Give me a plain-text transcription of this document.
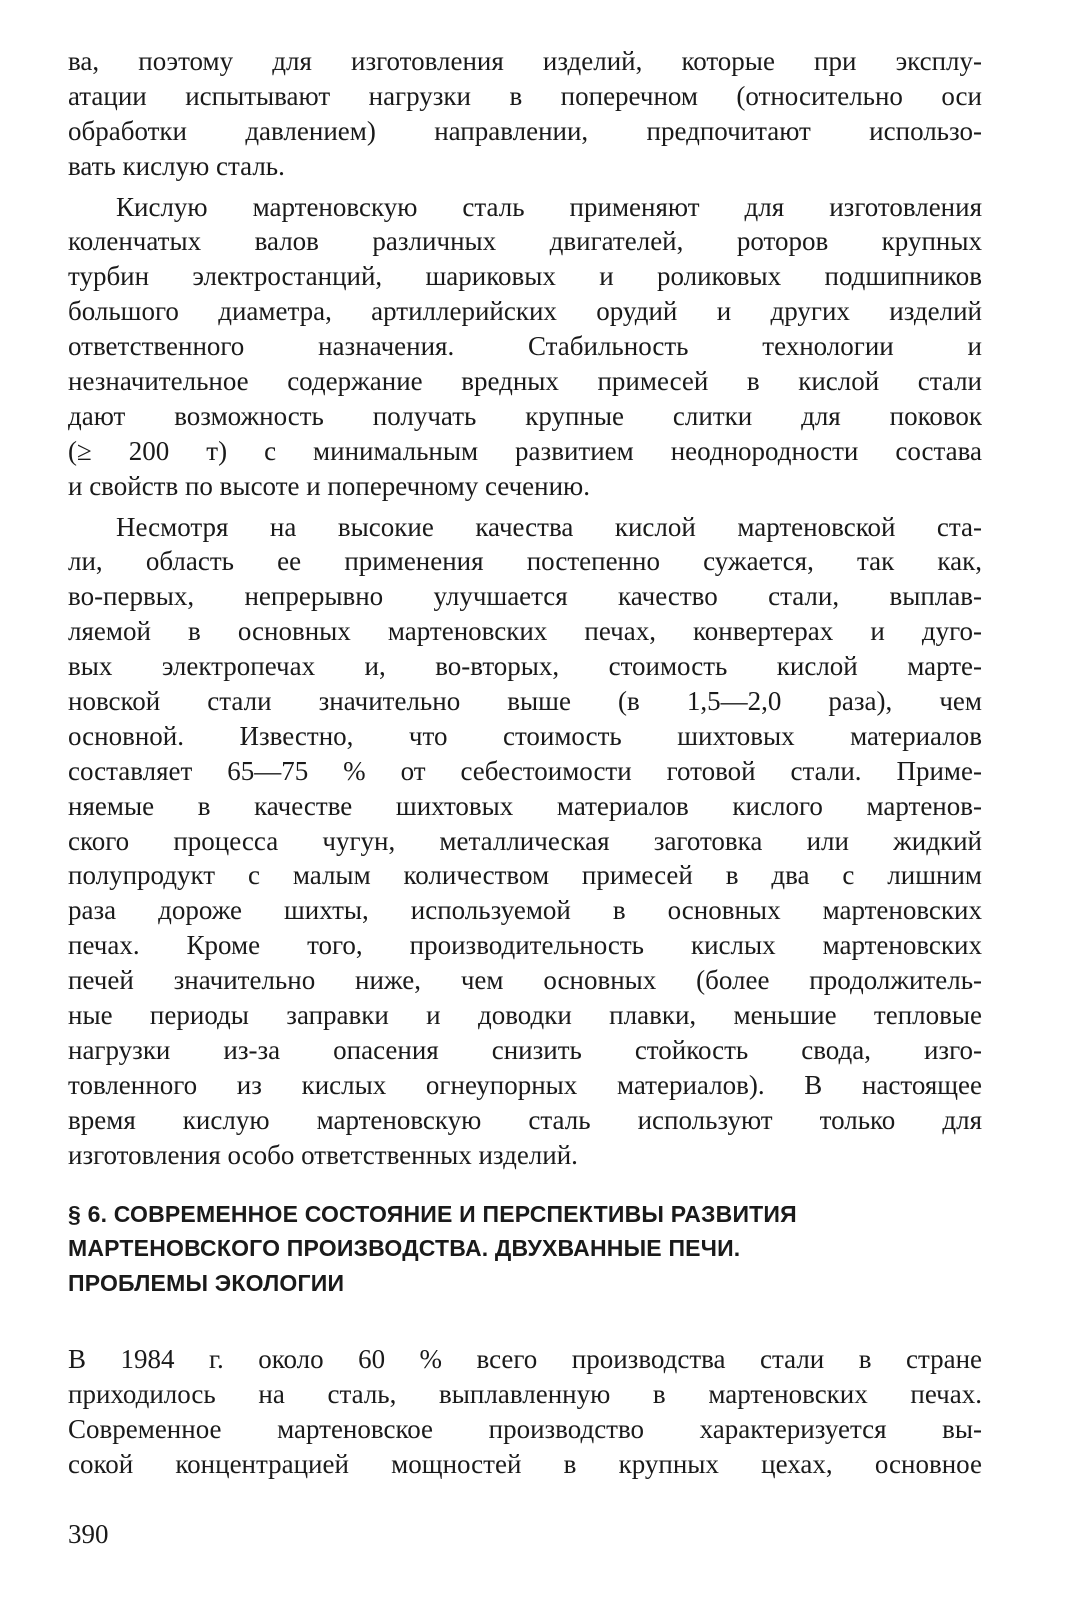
ва, поэтому для изготовления изделий, которые при эксплу-
атации испытывают нагрузки в поперечном (относительно оси
обработки давлением) направлении, предпочитают использо-
вать кислую сталь.
Кислую мартеновскую сталь применяют для изготовления
коленчатых валов различных двигателей, роторов крупных
турбин электростанций, шариковых и роликовых подшипников
большого диаметра, артиллерийских орудий и других изделий
ответственного назначения. Стабильность технологии и
незначительное содержание вредных примесей в кислой стали
дают возможность получать крупные слитки для поковок
(≥ 200 т) с минимальным развитием неоднородности состава
и свойств по высоте и поперечному сечению.
Несмотря на высокие качества кислой мартеновской ста-
ли, область ее применения постепенно сужается, так как,
во-первых, непрерывно улучшается качество стали, выплав-
ляемой в основных мартеновских печах, конвертерах и дуго-
вых электропечах и, во-вторых, стоимость кислой марте-
новской стали значительно выше (в 1,5—2,0 раза), чем
основной. Известно, что стоимость шихтовых материалов
составляет 65—75 % от себестоимости готовой стали. Приме-
няемые в качестве шихтовых материалов кислого мартенов-
ского процесса чугун, металлическая заготовка или жидкий
полупродукт с малым количеством примесей в два с лишним
раза дороже шихты, используемой в основных мартеновских
печах. Кроме того, производительность кислых мартеновских
печей значительно ниже, чем основных (более продолжитель-
ные периоды заправки и доводки плавки, меньшие тепловые
нагрузки из-за опасения снизить стойкость свода, изго-
товленного из кислых огнеупорных материалов). В настоящее
время кислую мартеновскую сталь используют только для
изготовления особо ответственных изделий.
§ 6. СОВРЕМЕННОЕ СОСТОЯНИЕ И ПЕРСПЕКТИВЫ РАЗВИТИЯ
МАРТЕНОВСКОГО ПРОИЗВОДСТВА. ДВУХВАННЫЕ ПЕЧИ.
ПРОБЛЕМЫ ЭКОЛОГИИ
В 1984 г. около 60 % всего производства стали в стране
приходилось на сталь, выплавленную в мартеновских печах.
Современное мартеновское производство характеризуется вы-
сокой концентрацией мощностей в крупных цехах, основное
390
